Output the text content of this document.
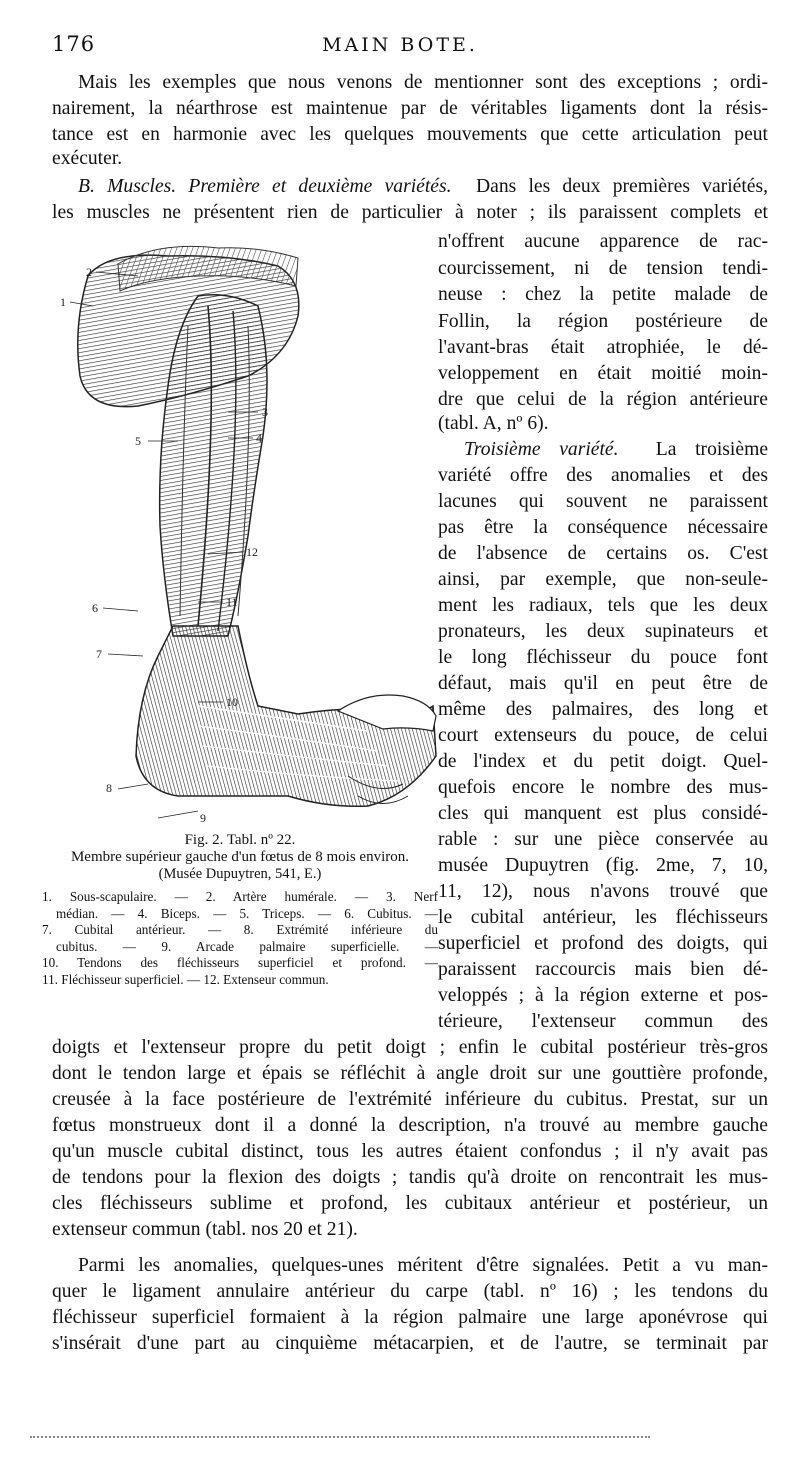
176	MAIN BOTE.
Mais les exemples que nous venons de mentionner sont des exceptions ; ordi-
nairement, la néarthrose est maintenue par de véritables ligaments dont la résis-
tance est en harmonie avec les quelques mouvements que cette articulation peut
exécuter.
B. Muscles. Première et deuxième variétés. Dans les deux premières variétés,
les muscles ne présentent rien de particulier à noter ; ils paraissent complets et
n'offrent aucune apparence de rac-
courcissement, ni de tension tendi-
neuse : chez la petite malade de
Follin, la région postérieure de
l'avant-bras était atrophiée, le dé-
veloppement en était moitié moin-
dre que celui de la région antérieure
(tabl. A, nº 6).
Troisième variété. La troisième
variété offre des anomalies et des
lacunes qui souvent ne paraissent
pas être la conséquence nécessaire
de l'absence de certains os. C'est
ainsi, par exemple, que non-seule-
ment les radiaux, tels que les deux
pronateurs, les deux supinateurs et
le long fléchisseur du pouce font
défaut, mais qu'il en peut être de
même des palmaires, des long et
court extenseurs du pouce, de celui
de l'index et du petit doigt. Quel-
quefois encore le nombre des mus-
cles qui manquent est plus considé-
rable : sur une pièce conservée au
musée Dupuytren (fig. 2me, 7, 10,
11, 12), nous n'avons trouvé que
le cubital antérieur, les fléchisseurs
superficiel et profond des doigts, qui
paraissent raccourcis mais bien dé-
veloppés ; à la région externe et pos-
térieure, l'extenseur commun des
doigts et l'extenseur propre du petit doigt ; enfin le cubital postérieur très-gros
dont le tendon large et épais se réfléchit à angle droit sur une gouttière profonde,
creusée à la face postérieure de l'extrémité inférieure du cubitus. Prestat, sur un
fœtus monstrueux dont il a donné la description, n'a trouvé au membre gauche
qu'un muscle cubital distinct, tous les autres étaient confondus ; il n'y avait pas
de tendons pour la flexion des doigts ; tandis qu'à droite on rencontrait les mus-
cles fléchisseurs sublime et profond, les cubitaux antérieur et postérieur, un
extenseur commun (tabl. nos 20 et 21).
Parmi les anomalies, quelques-unes méritent d'être signalées. Petit a vu man-
quer le ligament annulaire antérieur du carpe (tabl. nº 16) ; les tendons du
fléchisseur superficiel formaient à la région palmaire une large aponévrose qui
s'insérait d'une part au cinquième métacarpien, et de l'autre, se terminait par
2
1
3
5	4
12
6	11
7
10
8
9
Fig. 2. Tabl. nº 22.
Membre supérieur gauche d'un fœtus de 8 mois environ.
(Musée Dupuytren, 541, E.)
1. Sous-scapulaire. — 2. Artère humérale. — 3. Nerf
médian. — 4. Biceps. — 5. Triceps. — 6. Cubitus. —
7. Cubital antérieur. — 8. Extrémité inférieure du
cubitus. — 9. Arcade palmaire superficielle. —
10. Tendons des fléchisseurs superficiel et profond. —
11. Fléchisseur superficiel. — 12. Extenseur commun.
